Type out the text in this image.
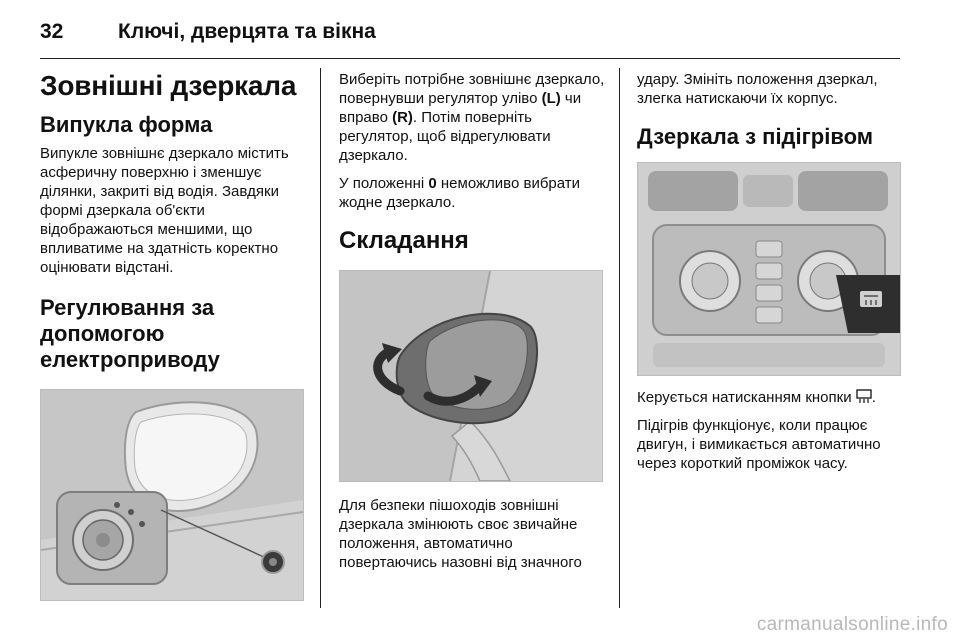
32	Ключі, дверцята та вікна
Зовнішні дзеркала
Випукла форма

Випукле зовнішнє дзеркало містить асферичну поверхню і зменшує ділянки, закриті від водія. Завдяки формі дзеркала об'єкти відображаються меншими, що впливатиме на здатність коректно оцінювати відстані.

Регулювання за допомогою електроприводу

Виберіть потрібне зовнішнє дзеркало, повернувши регулятор уліво (L) чи вправо (R). Потім поверніть регулятор, щоб відрегулювати дзеркало.

У положенні 0 неможливо вибрати жодне дзеркало.

Складання

Для безпеки пішоходів зовнішні дзеркала змінюють своє звичайне положення, автоматично повертаючись назовні від значного

удару. Змініть положення дзеркал, злегка натискаючи їх корпус.

Дзеркала з підігрівом

Керується натисканням кнопки .

Підігрів функціонує, коли працює двигун, і вимикається автоматично через короткий проміжок часу.

carmanualsonline.info
